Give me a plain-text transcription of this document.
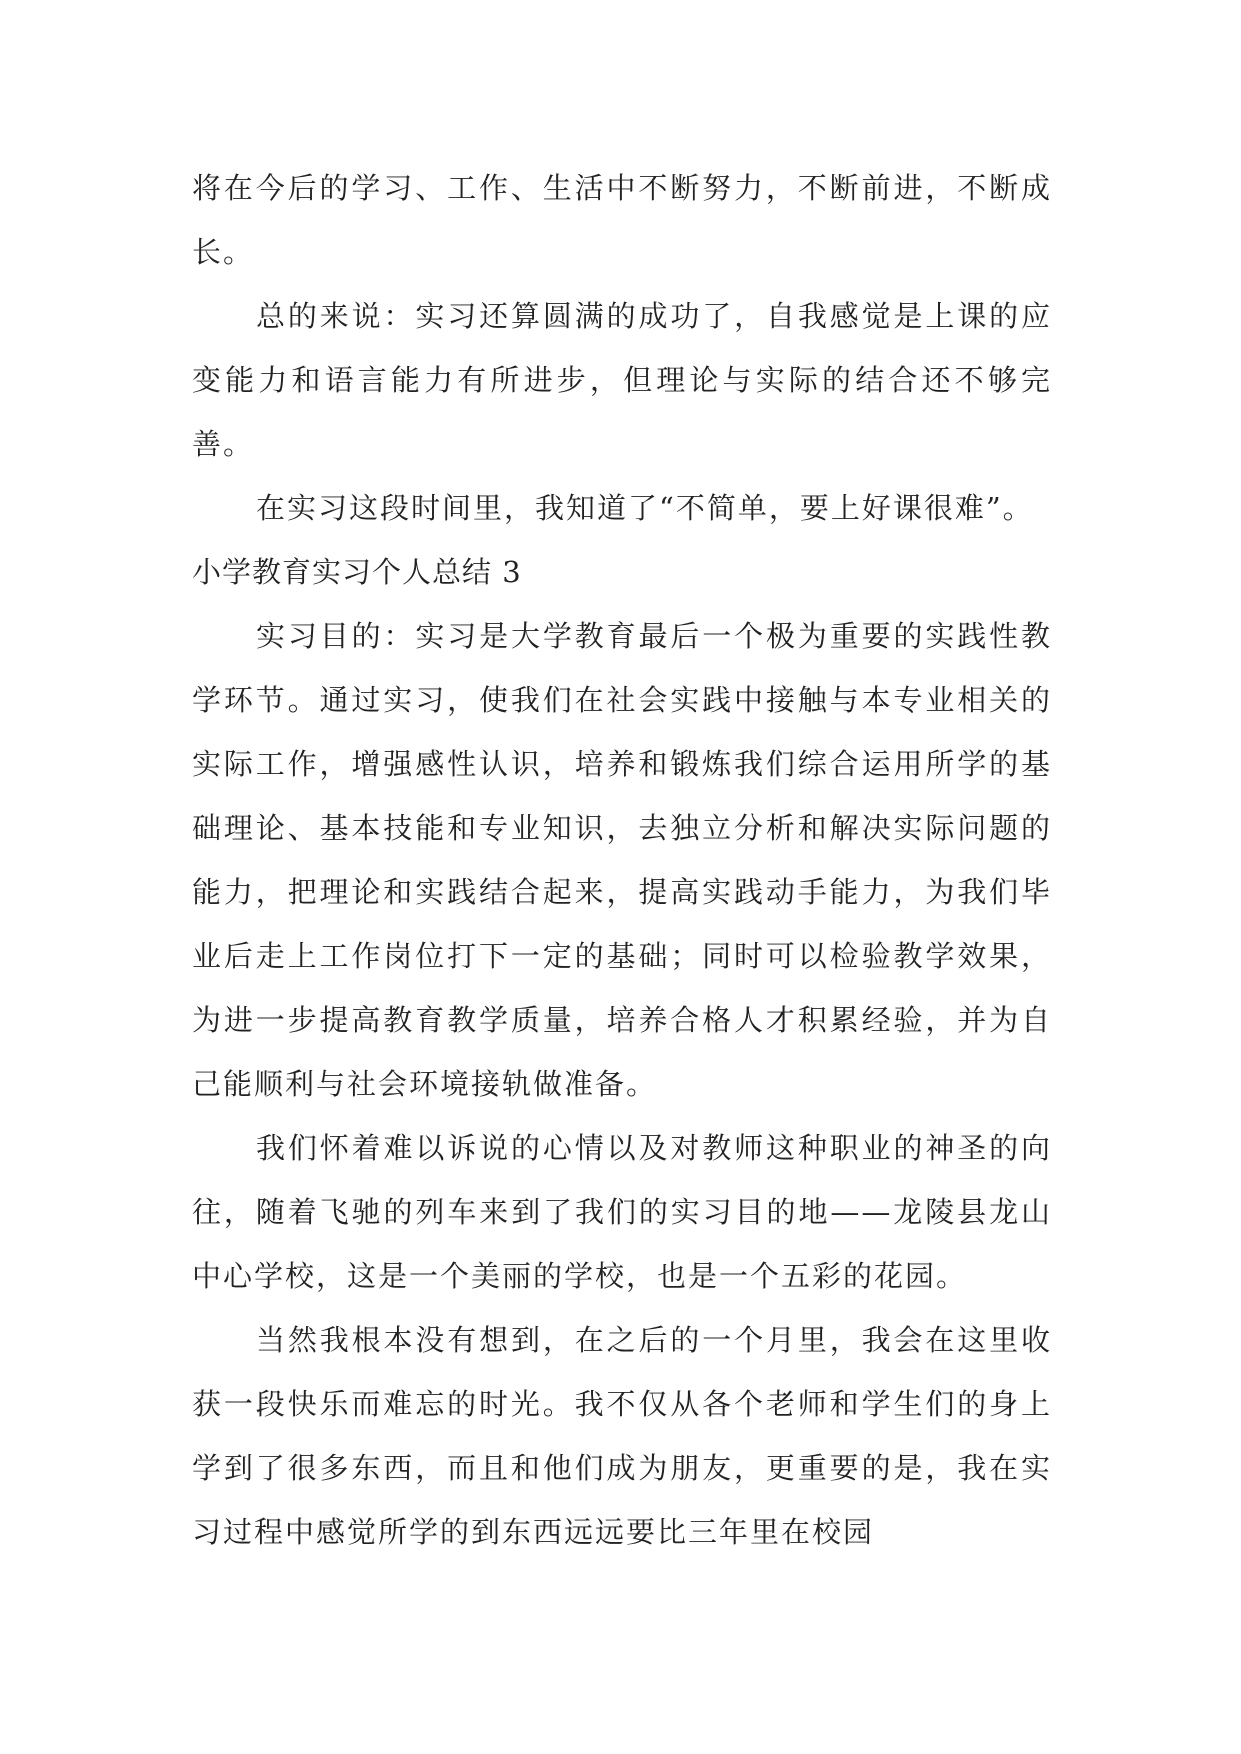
将在今后的学习、工作、生活中不断努力，不断前进，不断成长。

总的来说：实习还算圆满的成功了，自我感觉是上课的应变能力和语言能力有所进步，但理论与实际的结合还不够完善。

在实习这段时间里，我知道了“不简单，要上好课很难”。

小学教育实习个人总结 3

实习目的：实习是大学教育最后一个极为重要的实践性教学环节。通过实习，使我们在社会实践中接触与本专业相关的实际工作，增强感性认识，培养和锻炼我们综合运用所学的基础理论、基本技能和专业知识，去独立分析和解决实际问题的能力，把理论和实践结合起来，提高实践动手能力，为我们毕业后走上工作岗位打下一定的基础；同时可以检验教学效果，为进一步提高教育教学质量，培养合格人才积累经验，并为自己能顺利与社会环境接轨做准备。

我们怀着难以诉说的心情以及对教师这种职业的神圣的向往，随着飞驰的列车来到了我们的实习目的地——龙陵县龙山中心学校，这是一个美丽的学校，也是一个五彩的花园。

当然我根本没有想到，在之后的一个月里，我会在这里收获一段快乐而难忘的时光。我不仅从各个老师和学生们的身上学到了很多东西，而且和他们成为朋友，更重要的是，我在实习过程中感觉所学的到东西远远要比三年里在校园
